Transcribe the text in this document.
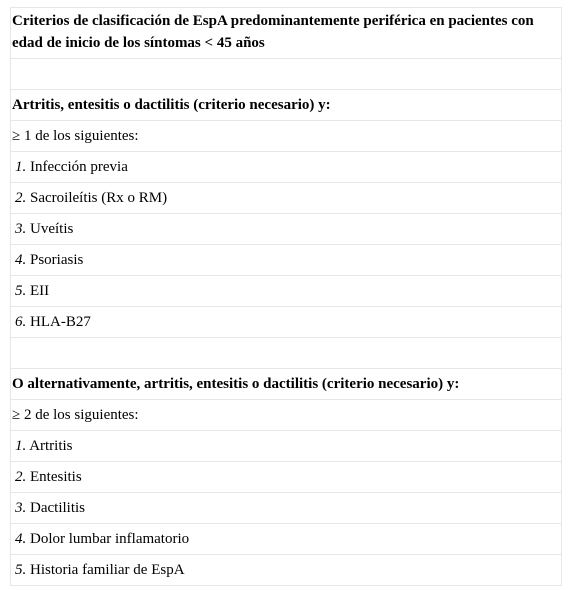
Criterios de clasificación de EspA predominantemente periférica en pacientes con edad de inicio de los síntomas < 45 años

Artritis, entesitis o dactilitis (criterio necesario) y:
≥ 1 de los siguientes:
1. Infección previa
2. Sacroileítis (Rx o RM)
3. Uveítis
4. Psoriasis
5. EII
6. HLA-B27

O alternativamente, artritis, entesitis o dactilitis (criterio necesario) y:
≥ 2 de los siguientes:
1. Artritis
2. Entesitis
3. Dactilitis
4. Dolor lumbar inflamatorio
5. Historia familiar de EspA
